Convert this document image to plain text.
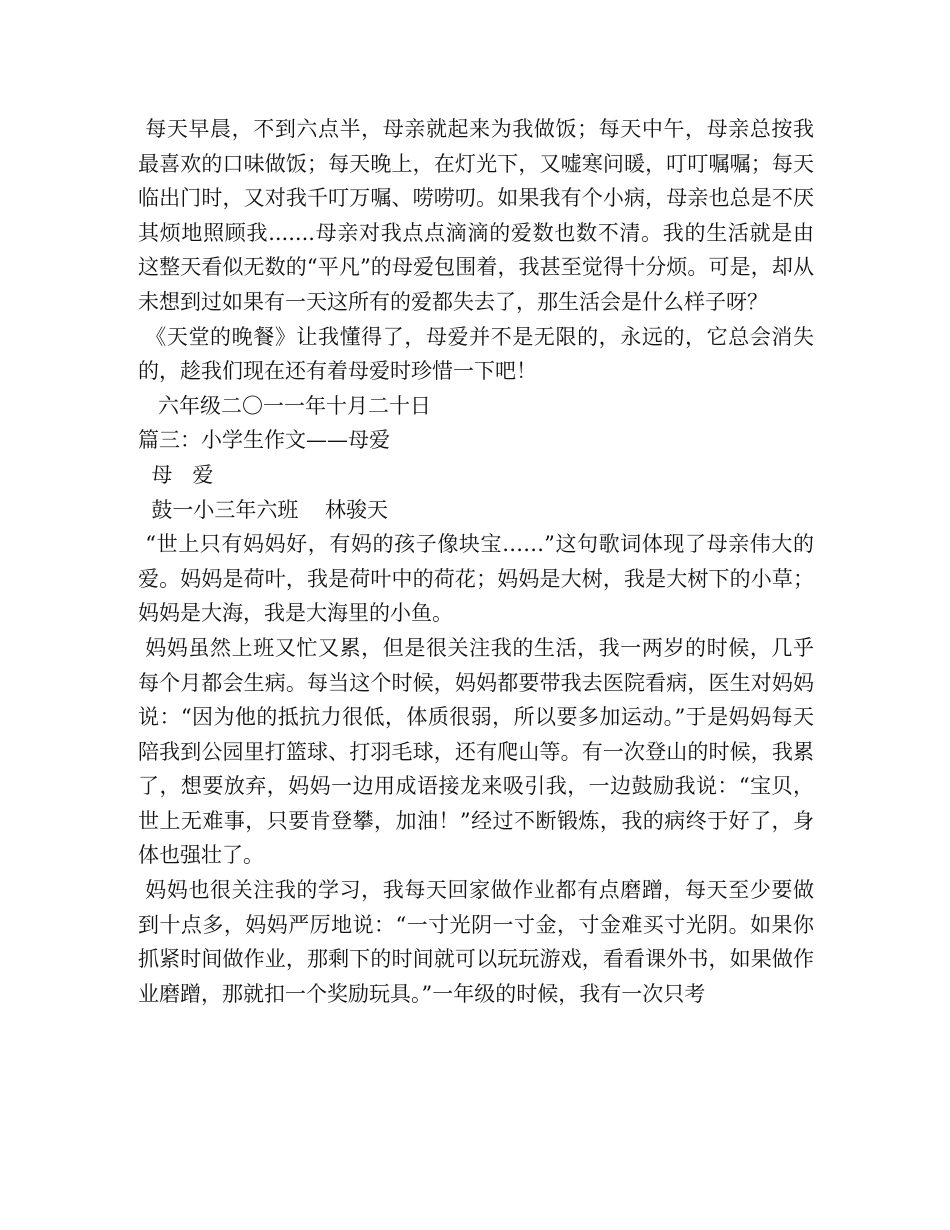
每天早晨，不到六点半，母亲就起来为我做饭；每天中午，母亲总按我最喜欢的口味做饭；每天晚上，在灯光下，又嘘寒问暖，叮叮嘱嘱；每天临出门时，又对我千叮万嘱、唠唠叨。如果我有个小病，母亲也总是不厌其烦地照顾我.......母亲对我点点滴滴的爱数也数不清。我的生活就是由这整天看似无数的“平凡”的母爱包围着，我甚至觉得十分烦。可是，却从未想到过如果有一天这所有的爱都失去了，那生活会是什么样子呀？

《天堂的晚餐》让我懂得了，母爱并不是无限的，永远的，它总会消失的，趁我们现在还有着母爱时珍惜一下吧！

六年级二〇一一年十月二十日

篇三：小学生作文——母爱

母   爱

鼓一小三年六班    林骏天

“世上只有妈妈好，有妈的孩子像块宝……”这句歌词体现了母亲伟大的爱。妈妈是荷叶，我是荷叶中的荷花；妈妈是大树，我是大树下的小草；妈妈是大海，我是大海里的小鱼。

妈妈虽然上班又忙又累，但是很关注我的生活，我一两岁的时候，几乎每个月都会生病。每当这个时候，妈妈都要带我去医院看病，医生对妈妈说：“因为他的抵抗力很低，体质很弱，所以要多加运动。”于是妈妈每天陪我到公园里打篮球、打羽毛球，还有爬山等。有一次登山的时候，我累了，想要放弃，妈妈一边用成语接龙来吸引我，一边鼓励我说：“宝贝，世上无难事，只要肯登攀，加油！”经过不断锻炼，我的病终于好了，身体也强壮了。

妈妈也很关注我的学习，我每天回家做作业都有点磨蹭，每天至少要做到十点多，妈妈严厉地说：“一寸光阴一寸金，寸金难买寸光阴。如果你抓紧时间做作业，那剩下的时间就可以玩玩游戏，看看课外书，如果做作业磨蹭，那就扣一个奖励玩具。”一年级的时候，我有一次只考
